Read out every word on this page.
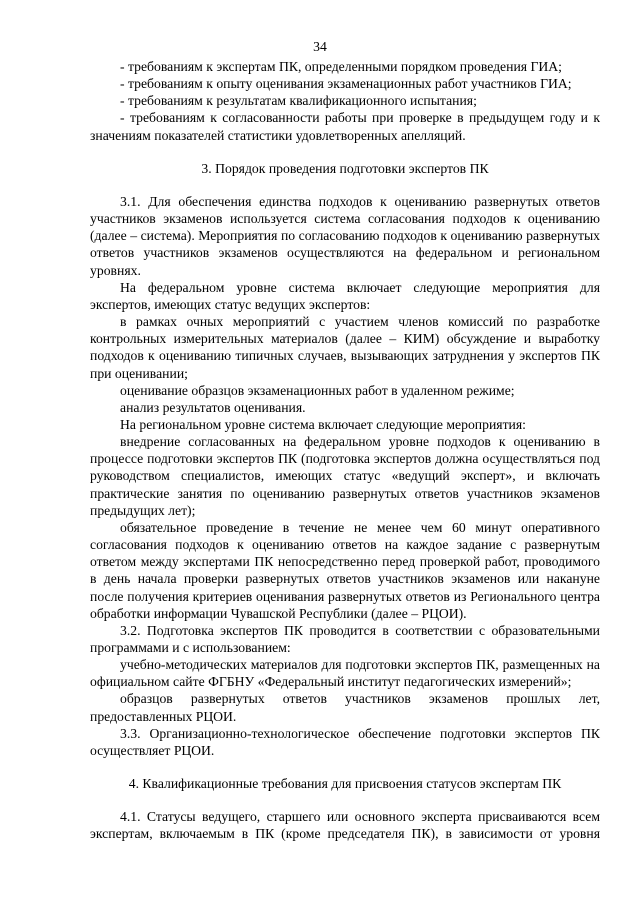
34

- требованиям к экспертам ПК, определенными порядком проведения ГИА;

- требованиям к опыту оценивания экзаменационных работ участников ГИА;

- требованиям к результатам квалификационного испытания;

- требованиям к согласованности работы при проверке в предыдущем году и к значениям показателей статистики удовлетворенных апелляций.

3. Порядок проведения подготовки экспертов ПК

3.1. Для обеспечения единства подходов к оцениванию развернутых ответов участников экзаменов используется система согласования подходов к оцениванию (далее – система). Мероприятия по согласованию подходов к оцениванию развернутых ответов участников экзаменов осуществляются на федеральном и региональном уровнях.

На федеральном уровне система включает следующие мероприятия для экспертов, имеющих статус ведущих экспертов:

в рамках очных мероприятий с участием членов комиссий по разработке контрольных измерительных материалов (далее – КИМ) обсуждение и выработку подходов к оцениванию типичных случаев, вызывающих затруднения у экспертов ПК при оценивании;

оценивание образцов экзаменационных работ в удаленном режиме;

анализ результатов оценивания.

На региональном уровне система включает следующие мероприятия:

внедрение согласованных на федеральном уровне подходов к оцениванию в процессе подготовки экспертов ПК (подготовка экспертов должна осуществляться под руководством специалистов, имеющих статус «ведущий эксперт», и включать практические занятия по оцениванию развернутых ответов участников экзаменов предыдущих лет);

обязательное проведение в течение не менее чем 60 минут оперативного согласования подходов к оцениванию ответов на каждое задание с развернутым ответом между экспертами ПК непосредственно перед проверкой работ, проводимого в день начала проверки развернутых ответов участников экзаменов или накануне после получения критериев оценивания развернутых ответов из Регионального центра обработки информации Чувашской Республики (далее – РЦОИ).

3.2. Подготовка экспертов ПК проводится в соответствии с образовательными программами и с использованием:

учебно-методических материалов для подготовки экспертов ПК, размещенных на официальном сайте ФГБНУ «Федеральный институт педагогических измерений»;

образцов развернутых ответов участников экзаменов прошлых лет, предоставленных РЦОИ.

3.3. Организационно-технологическое обеспечение подготовки экспертов ПК осуществляет РЦОИ.

4. Квалификационные требования для присвоения статусов экспертам ПК

4.1. Статусы ведущего, старшего или основного эксперта присваиваются всем экспертам, включаемым в ПК (кроме председателя ПК), в зависимости от уровня
